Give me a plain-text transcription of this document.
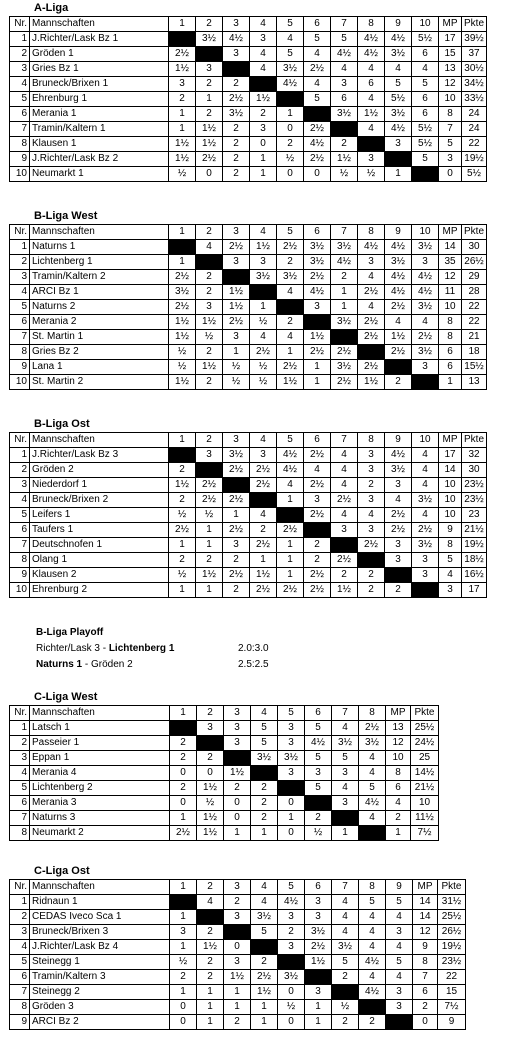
A-Liga
Nr.	Mannschaften	1	2	3	4	5	6	7	8	9	10	MP	Pkte
1	J.Richter/Lask Bz 1		3½	4½	3	4	5	5	4½	4½	5½	17	39½
2	Gröden 1	2½		3	4	5	4	4½	4½	3½	6	15	37
3	Gries Bz 1	1½	3		4	3½	2½	4	4	4	4	13	30½
4	Bruneck/Brixen 1	3	2	2		4½	4	3	6	5	5	12	34½
5	Ehrenburg 1	2	1	2½	1½		5	6	4	5½	6	10	33½
6	Merania 1	1	2	3½	2	1		3½	1½	3½	6	8	24
7	Tramin/Kaltern 1	1	1½	2	3	0	2½		4	4½	5½	7	24
8	Klausen 1	1½	1½	2	0	2	4½	2		3	5½	5	22
9	J.Richter/Lask Bz 2	1½	2½	2	1	½	2½	1½	3		5	3	19½
10	Neumarkt 1	½	0	2	1	0	0	½	½	1		0	5½
B-Liga West
Nr.	Mannschaften	1	2	3	4	5	6	7	8	9	10	MP	Pkte
1	Naturns 1		4	2½	1½	2½	3½	3½	4½	4½	3½	14	30
2	Lichtenberg 1	1		3	3	2	3½	4½	3	3½	3	35	26½
3	Tramin/Kaltern 2	2½	2		3½	3½	2½	2	4	4½	4½	12	29
4	ARCI Bz 1	3½	2	1½		4	4½	1	2½	4½	4½	11	28
5	Naturns 2	2½	3	1½	1		3	1	4	2½	3½	10	22
6	Merania 2	1½	1½	2½	½	2		3½	2½	4	4	8	22
7	St. Martin 1	1½	½	3	4	4	1½		2½	1½	2½	8	21
8	Gries Bz 2	½	2	1	2½	1	2½	2½		2½	3½	6	18
9	Lana 1	½	1½	½	½	2½	1	3½	2½		3	6	15½
10	St. Martin 2	1½	2	½	½	1½	1	2½	1½	2		1	13
B-Liga Ost
Nr.	Mannschaften	1	2	3	4	5	6	7	8	9	10	MP	Pkte
1	J.Richter/Lask Bz 3		3	3½	3	4½	2½	4	3	4½	4	17	32
2	Gröden 2	2		2½	2½	4½	4	4	3	3½	4	14	30
3	Niederdorf 1	1½	2½		2½	4	2½	4	2	3	4	10	23½
4	Bruneck/Brixen 2	2	2½	2½		1	3	2½	3	4	3½	10	23½
5	Leifers 1	½	½	1	4		2½	4	4	2½	4	10	23
6	Taufers 1	2½	1	2½	2	2½		3	3	2½	2½	9	21½
7	Deutschnofen 1	1	1	3	2½	1	2		2½	3	3½	8	19½
8	Olang 1	2	2	2	1	1	2	2½		3	3	5	18½
9	Klausen 2	½	1½	2½	1½	1	2½	2	2		3	4	16½
10	Ehrenburg 2	1	1	2	2½	2½	2½	1½	2	2		3	17
B-Liga Playoff
Richter/Lask 3 - Lichtenberg 1	2.0:3.0
Naturns 1 - Gröden 2	2.5:2.5
C-Liga West
Nr.	Mannschaften	1	2	3	4	5	6	7	8	MP	Pkte
1	Latsch 1		3	3	5	3	5	4	2½	13	25½
2	Passeier 1	2		3	5	3	4½	3½	3½	12	24½
3	Eppan 1	2	2		3½	3½	5	5	4	10	25
4	Merania 4	0	0	1½		3	3	3	4	8	14½
5	Lichtenberg 2	2	1½	2	2		5	4	5	6	21½
6	Merania 3	0	½	0	2	0		3	4½	4	10
7	Naturns 3	1	1½	0	2	1	2		4	2	11½
8	Neumarkt 2	2½	1½	1	1	0	½	1		1	7½
C-Liga Ost
Nr.	Mannschaften	1	2	3	4	5	6	7	8	9	MP	Pkte
1	Ridnaun 1		4	2	4	4½	3	4	5	5	14	31½
2	CEDAS Iveco Sca 1	1		3	3½	3	3	4	4	4	14	25½
3	Bruneck/Brixen 3	3	2		5	2	3½	4	4	3	12	26½
4	J.Richter/Lask Bz 4	1	1½	0		3	2½	3½	4	4	9	19½
5	Steinegg 1	½	2	3	2		1½	5	4½	5	8	23½
6	Tramin/Kaltern 3	2	2	1½	2½	3½		2	4	4	7	22
7	Steinegg 2	1	1	1	1½	0	3		4½	3	6	15
8	Gröden 3	0	1	1	1	½	1	½		3	2	7½
9	ARCI Bz 2	0	1	2	1	0	1	2	2		0	9
